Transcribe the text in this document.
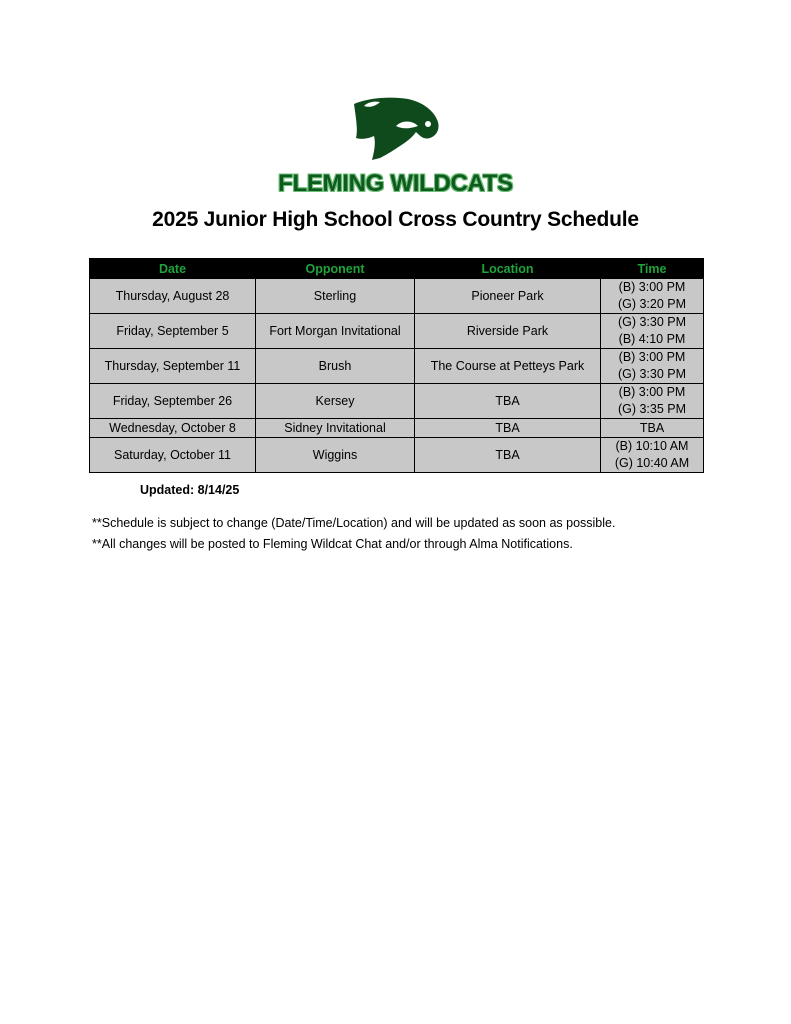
FLEMING WILDCATS
2025 Junior High School Cross Country Schedule
Date	Opponent	Location	Time
Thursday, August 28	Sterling	Pioneer Park	(B) 3:00 PM
(G) 3:20 PM

Friday, September 5	Fort Morgan Invitational	Riverside Park	(G) 3:30 PM
(B) 4:10 PM

Thursday, September 11	Brush	The Course at Petteys Park	(B) 3:00 PM
(G) 3:30 PM

Friday, September 26	Kersey	TBA	(B) 3:00 PM
(G) 3:35 PM

Wednesday, October 8	Sidney Invitational	TBA	TBA

Saturday, October 11	Wiggins	TBA	(B) 10:10 AM
(G) 10:40 AM
Updated: 8/14/25
**Schedule is subject to change (Date/Time/Location) and will be updated as soon as possible.
**All changes will be posted to Fleming Wildcat Chat and/or through Alma Notifications.
